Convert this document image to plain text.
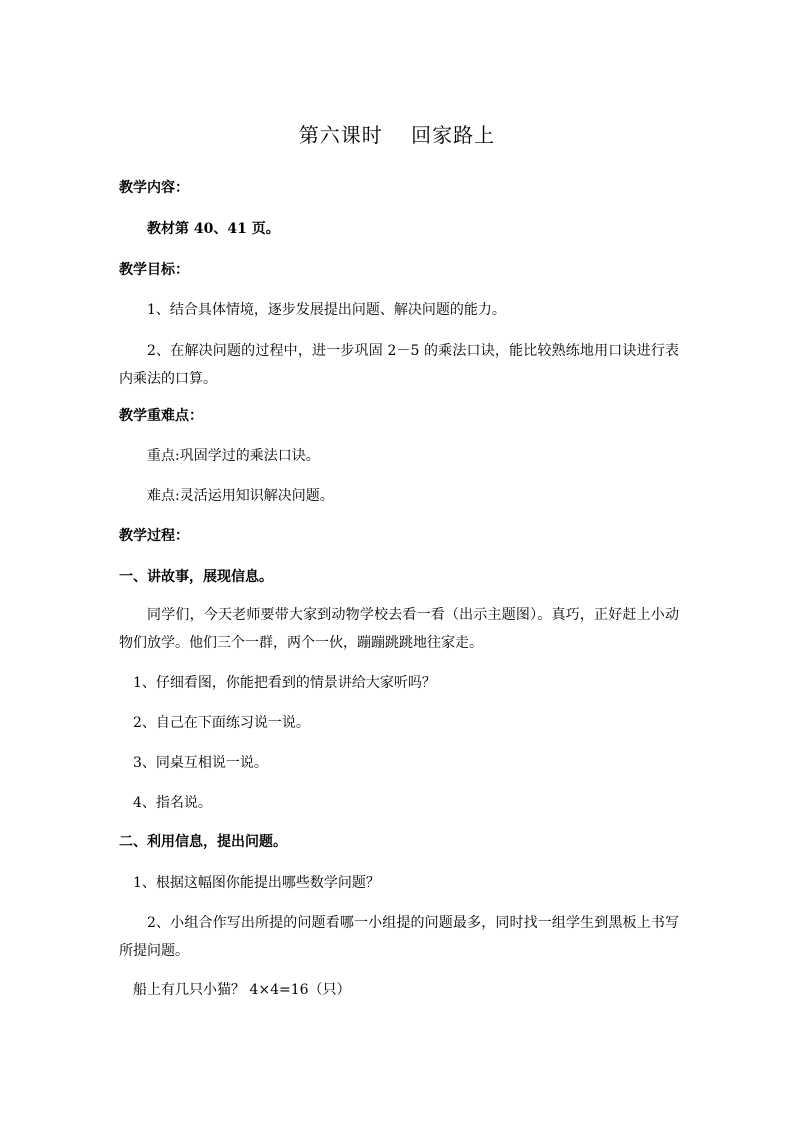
第六课时　 回家路上
教学内容：
教材第 40、41 页。
教学目标：
1、结合具体情境，逐步发展提出问题、解决问题的能力。
2、在解决问题的过程中，进一步巩固 2－5 的乘法口诀，能比较熟练地用口诀进行表内乘法的口算。
教学重难点：
重点:巩固学过的乘法口诀。
难点:灵活运用知识解决问题。
教学过程：
一、讲故事，展现信息。
同学们，今天老师要带大家到动物学校去看一看（出示主题图）。真巧，正好赶上小动物们放学。他们三个一群，两个一伙，蹦蹦跳跳地往家走。
1、仔细看图，你能把看到的情景讲给大家听吗？
2、自己在下面练习说一说。
3、同桌互相说一说。
4、指名说。
二、利用信息，提出问题。
1、根据这幅图你能提出哪些数学问题？
2、小组合作写出所提的问题看哪一小组提的问题最多，同时找一组学生到黑板上书写所提问题。
船上有几只小猫？ 4×4=16（只）
